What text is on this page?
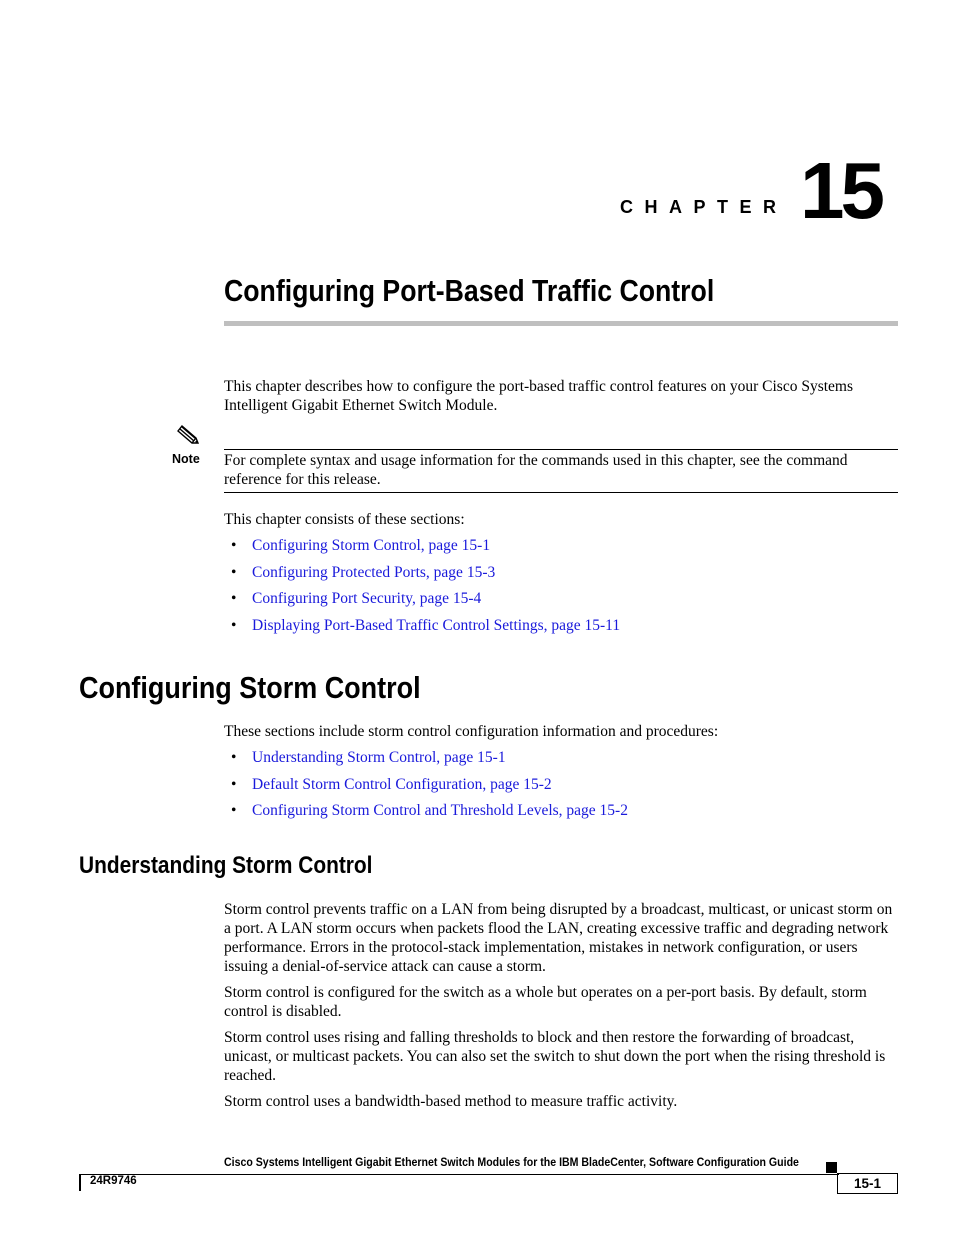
CHAPTER 15
Configuring Port-Based Traffic Control
This chapter describes how to configure the port-based traffic control features on your Cisco Systems Intelligent Gigabit Ethernet Switch Module.
Note For complete syntax and usage information for the commands used in this chapter, see the command reference for this release.
This chapter consists of these sections:
•	Configuring Storm Control, page 15-1
•	Configuring Protected Ports, page 15-3
•	Configuring Port Security, page 15-4
•	Displaying Port-Based Traffic Control Settings, page 15-11
Configuring Storm Control
These sections include storm control configuration information and procedures:
•	Understanding Storm Control, page 15-1
•	Default Storm Control Configuration, page 15-2
•	Configuring Storm Control and Threshold Levels, page 15-2
Understanding Storm Control
Storm control prevents traffic on a LAN from being disrupted by a broadcast, multicast, or unicast storm on a port. A LAN storm occurs when packets flood the LAN, creating excessive traffic and degrading network performance. Errors in the protocol-stack implementation, mistakes in network configuration, or users issuing a denial-of-service attack can cause a storm.
Storm control is configured for the switch as a whole but operates on a per-port basis. By default, storm control is disabled.
Storm control uses rising and falling thresholds to block and then restore the forwarding of broadcast, unicast, or multicast packets. You can also set the switch to shut down the port when the rising threshold is reached.
Storm control uses a bandwidth-based method to measure traffic activity.
Cisco Systems Intelligent Gigabit Ethernet Switch Modules for the IBM BladeCenter, Software Configuration Guide
24R9746	15-1
